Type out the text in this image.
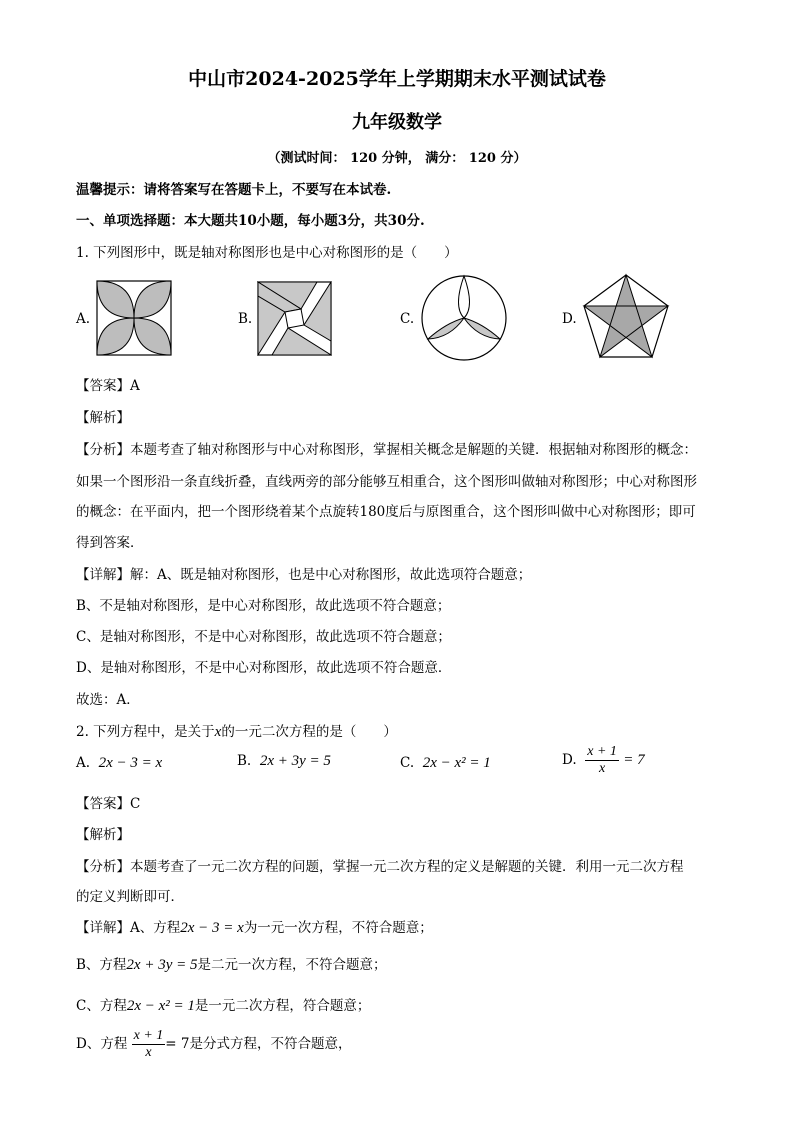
中山市2024-2025学年上学期期末水平测试试卷
九年级数学
（测试时间： 120 分钟， 满分： 120 分）
温馨提示：请将答案写在答题卡上，不要写在本试卷.
一、单项选择题：本大题共10小题，每小题3分，共30分.
1. 下列图形中，既是轴对称图形也是中心对称图形的是（　　）
A.	B.	C.	D.
【答案】A
【解析】
【分析】本题考查了轴对称图形与中心对称图形，掌握相关概念是解题的关键．根据轴对称图形的概念：
如果一个图形沿一条直线折叠，直线两旁的部分能够互相重合，这个图形叫做轴对称图形；中心对称图形
的概念：在平面内，把一个图形绕着某个点旋转180度后与原图重合，这个图形叫做中心对称图形；即可
得到答案．
【详解】解：A、既是轴对称图形，也是中心对称图形，故此选项符合题意；
B、不是轴对称图形，是中心对称图形，故此选项不符合题意；
C、是轴对称图形，不是中心对称图形，故此选项不符合题意；
D、是轴对称图形，不是中心对称图形，故此选项不符合题意．
故选：A．
2. 下列方程中，是关于x的一元二次方程的是（　　）
A. 2x − 3 = x	B. 2x + 3y = 5	C. 2x − x² = 1	D. $\frac{x + 1}{x} = 7$
【答案】C
【解析】
【分析】本题考查了一元二次方程的问题，掌握一元二次方程的定义是解题的关键．利用一元二次方程
的定义判断即可．
【详解】A、方程2x − 3 = x为一元一次方程，不符合题意；
B、方程2x + 3y = 5是二元一次方程，不符合题意；
C、方程2x − x² = 1是一元二次方程，符合题意；
D、方程 $\frac{x + 1}{x} = 7$是分式方程，不符合题意，
